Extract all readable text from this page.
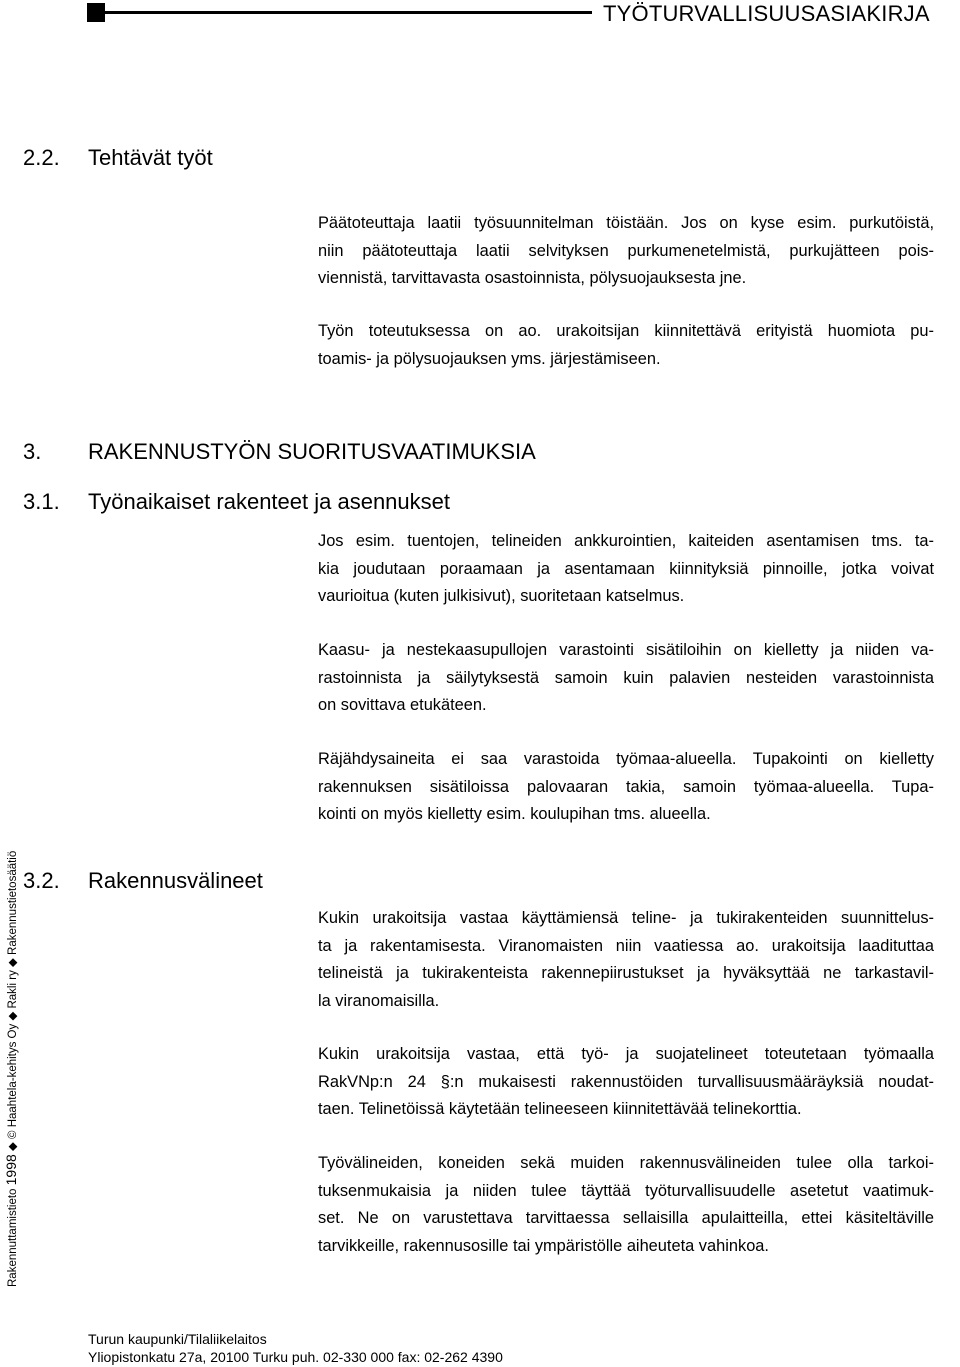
TYÖTURVALLISUUSASIAKIRJA
2.2. Tehtävät työt
Päätoteuttaja laatii työsuunnitelman töistään. Jos on kyse esim. purkutöistä,
niin päätoteuttaja laatii selvityksen purkumenetelmistä, purkujätteen pois-
viennistä, tarvittavasta osastoinnista, pölysuojauksesta jne.
Työn toteutuksessa on ao. urakoitsijan kiinnitettävä erityistä huomiota pu-
toamis- ja pölysuojauksen yms. järjestämiseen.
3. RAKENNUSTYÖN SUORITUSVAATIMUKSIA
3.1. Työnaikaiset rakenteet ja asennukset
Jos esim. tuentojen, telineiden ankkurointien, kaiteiden asentamisen tms. ta-
kia joudutaan poraamaan ja asentamaan kiinnityksiä pinnoille, jotka voivat
vaurioitua (kuten julkisivut), suoritetaan katselmus.
Kaasu- ja nestekaasupullojen varastointi sisätiloihin on kielletty ja niiden va-
rastoinnista ja säilytyksestä samoin kuin palavien nesteiden varastoinnista
on sovittava etukäteen.
Räjähdysaineita ei saa varastoida työmaa-alueella. Tupakointi on kielletty
rakennuksen sisätiloissa palovaaran takia, samoin työmaa-alueella. Tupa-
kointi on myös kielletty esim. koulupihan tms. alueella.
3.2. Rakennusvälineet
Kukin urakoitsija vastaa käyttämiensä teline- ja tukirakenteiden suunnittelus-
ta ja rakentamisesta. Viranomaisten niin vaatiessa ao. urakoitsija laadituttaa
telineistä ja tukirakenteista rakennepiirustukset ja hyväksyttää ne tarkastavil-
la viranomaisilla.
Kukin urakoitsija vastaa, että työ- ja suojatelineet toteutetaan työmaalla
RakVNp:n 24 §:n mukaisesti rakennustöiden turvallisuusmääräyksiä noudat-
taen. Telinetöissä käytetään telineeseen kiinnitettävää telinekorttia.
Työvälineiden, koneiden sekä muiden rakennusvälineiden tulee olla tarkoi-
tuksenmukaisia ja niiden tulee täyttää työturvallisuudelle asetetut vaatimuk-
set. Ne on varustettava tarvittaessa sellaisilla apulaitteilla, ettei käsiteltäville
tarvikkeille, rakennusosille tai ympäristölle aiheuteta vahinkoa.
Rakennuttamistieto 1998 ◆ © Haahtela-kehitys Oy ◆ Rakli ry ◆ Rakennustietosäätiö
Turun kaupunki/Tilaliikelaitos
Yliopistonkatu 27a, 20100 Turku puh. 02-330 000 fax: 02-262 4390
